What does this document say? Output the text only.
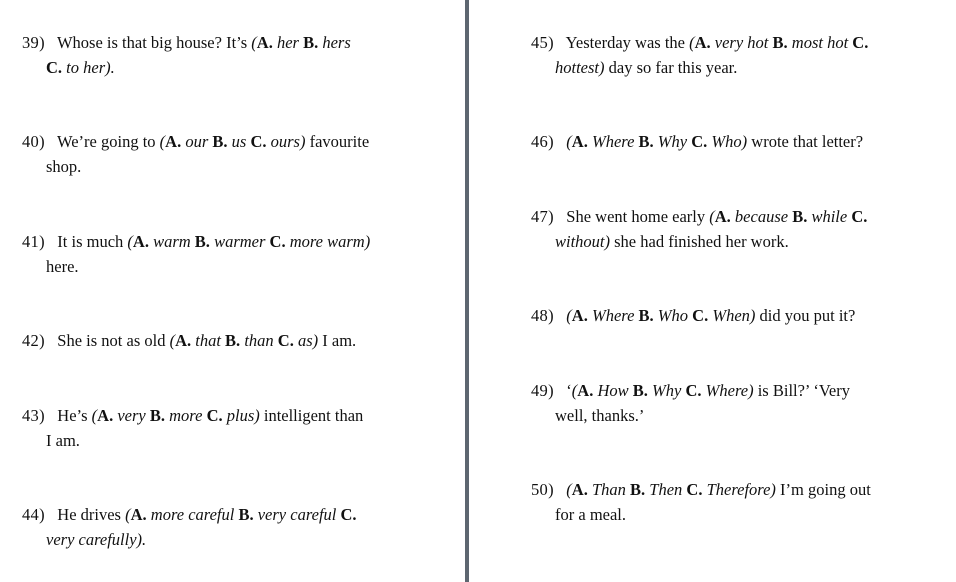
39) Whose is that big house? It’s (A. her B. hers
C. to her).
40) We’re going to (A. our B. us C. ours) favourite
shop.
41) It is much (A. warm B. warmer C. more warm)
here.
42) She is not as old (A. that B. than C. as) I am.
43) He’s (A. very B. more C. plus) intelligent than
I am.
44) He drives (A. more careful B. very careful C.
very carefully).
45) Yesterday was the (A. very hot B. most hot C.
hottest) day so far this year.
46) (A. Where B. Why C. Who) wrote that letter?
47) She went home early (A. because B. while C.
without) she had finished her work.
48) (A. Where B. Who C. When) did you put it?
49) ‘(A. How B. Why C. Where) is Bill?’ ‘Very
well, thanks.’
50) (A. Than B. Then C. Therefore) I’m going out
for a meal.
